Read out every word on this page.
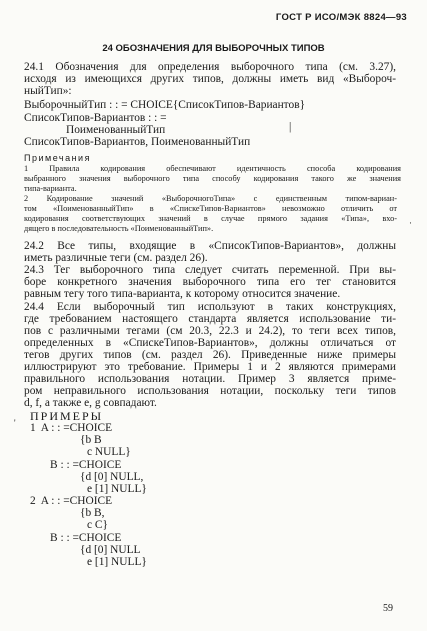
ГОСТ Р ИСО/МЭК 8824—93
24 ОБОЗНАЧЕНИЯ ДЛЯ ВЫБОРОЧНЫХ ТИПОВ
24.1 Обозначения для определения выборочного типа (см. 3.27),
исходя из имеющихся других типов, должны иметь вид «Выбороч-
ныйТип»:
ВыборочныйТип : : = CHOICE{СписокТипов-Вариантов}
СписокТипов-Вариантов : : =
ПоименованныйТип	|
СписокТипов-Вариантов, ПоименованныйТип
Примечания
1 Правила кодирования обеспечивают идентичность способа кодирования
выбранного значения выборочного типа способу кодирования такого же значения
типа-варианта.
2 Кодирование значений «ВыборочногоТипа» с единственным типом-вариан-
том «ПоименованныйТип» в «СпискеТипов-Вариантов» невозможно отличить от
кодирования соответствующих значений в случае прямого задания «Типа», вхо-
дящего в последовательность «ПоименованныйТип».
24.2 Все типы, входящие в «СписокТипов-Вариантов», должны
иметь различные теги (см. раздел 26).
24.3 Тег выборочного типа следует считать переменной. При вы-
боре конкретного значения выборочного типа его тег становится
равным тегу того типа-варианта, к которому относится значение.
24.4 Если выборочный тип используют в таких конструкциях,
где требованием настоящего стандарта является использование ти-
пов с различными тегами (см 20.3, 22.3 и 24.2), то теги всех типов,
определенных в «СпискеТипов-Вариантов», должны отличаться от
тегов других типов (см. раздел 26). Приведенные ниже примеры
иллюстрируют это требование. Примеры 1 и 2 являются примерами
правильного использования нотации. Пример 3 является приме-
ром неправильного использования нотации, поскольку теги типов
d, f, а также e, g совпадают.
ПРИМЕРЫ
1  A : : =CHOICE
{b B
c NULL}
B : : =CHOICE
{d [0] NULL,
e [1] NULL}
2  A : : =CHOICE
{b B,
c C}
B : : =CHOICE
{d [0] NULL
e [1] NULL}
59
'
·
